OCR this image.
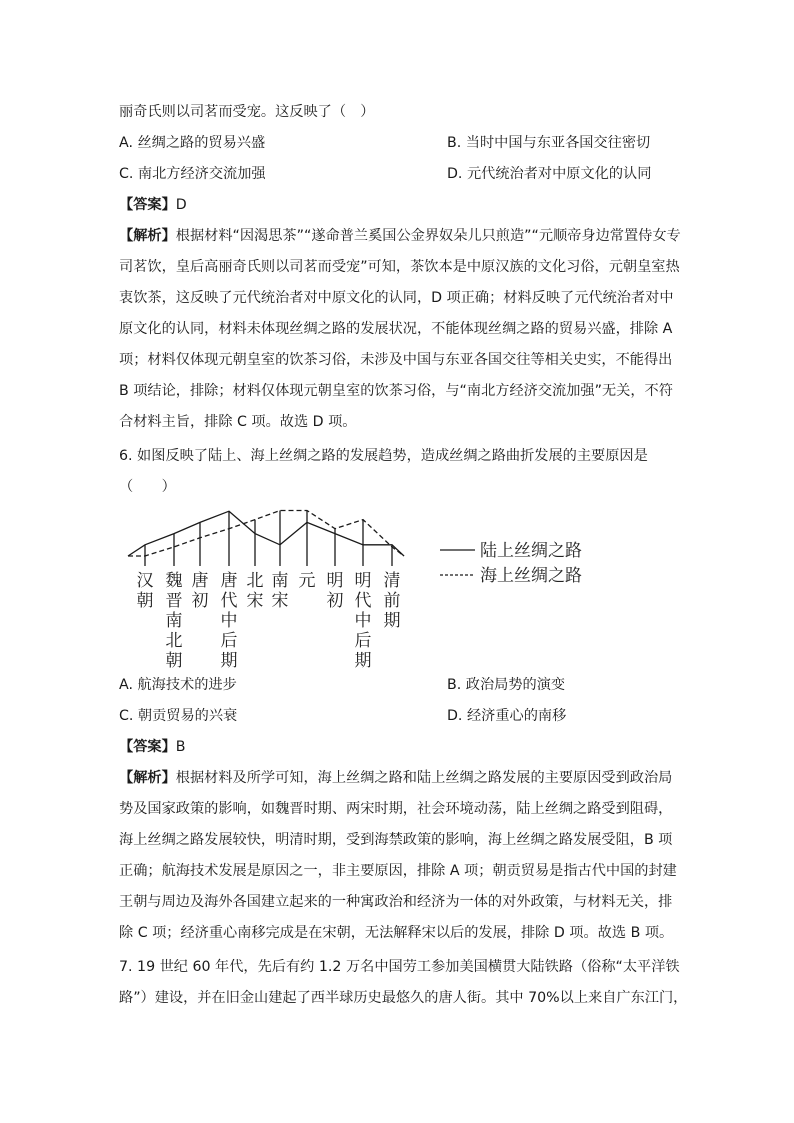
丽奇氏则以司茗而受宠。这反映了（　）
A. 丝绸之路的贸易兴盛	B. 当时中国与东亚各国交往密切
C. 南北方经济交流加强	D. 元代统治者对中原文化的认同
【答案】D
【解析】根据材料“因渴思茶”“遂命普兰奚国公金界奴朵儿只煎造”“元顺帝身边常置侍女专
司茗饮，皇后高丽奇氏则以司茗而受宠”可知，茶饮本是中原汉族的文化习俗，元朝皇室热
衷饮茶，这反映了元代统治者对中原文化的认同，D 项正确；材料反映了元代统治者对中
原文化的认同，材料未体现丝绸之路的发展状况，不能体现丝绸之路的贸易兴盛，排除 A
项；材料仅体现元朝皇室的饮茶习俗，未涉及中国与东亚各国交往等相关史实，不能得出
B 项结论，排除；材料仅体现元朝皇室的饮茶习俗，与“南北方经济交流加强”无关，不符
合材料主旨，排除 C 项。故选 D 项。
6. 如图反映了陆上、海上丝绸之路的发展趋势，造成丝绸之路曲折发展的主要原因是
（　　）
汉
朝
魏
晋
南
北
朝
唐
初
唐
代
中
后
期
北
宋
南
宋
元 明
初
明
代
中
后
期
清
前
期
陆上丝绸之路
海上丝绸之路
A. 航海技术的进步	B. 政治局势的演变
C. 朝贡贸易的兴衰	D. 经济重心的南移
【答案】B
【解析】根据材料及所学可知，海上丝绸之路和陆上丝绸之路发展的主要原因受到政治局
势及国家政策的影响，如魏晋时期、两宋时期，社会环境动荡，陆上丝绸之路受到阻碍，
海上丝绸之路发展较快，明清时期，受到海禁政策的影响，海上丝绸之路发展受阻，B 项
正确；航海技术发展是原因之一，非主要原因，排除 A 项；朝贡贸易是指古代中国的封建
王朝与周边及海外各国建立起来的一种寓政治和经济为一体的对外政策，与材料无关，排
除 C 项；经济重心南移完成是在宋朝，无法解释宋以后的发展，排除 D 项。故选 B 项。
7. 19 世纪 60 年代，先后有约 1.2 万名中国劳工参加美国横贯大陆铁路（俗称“太平洋铁
路”）建设，并在旧金山建起了西半球历史最悠久的唐人街。其中 70%以上来自广东江门，
